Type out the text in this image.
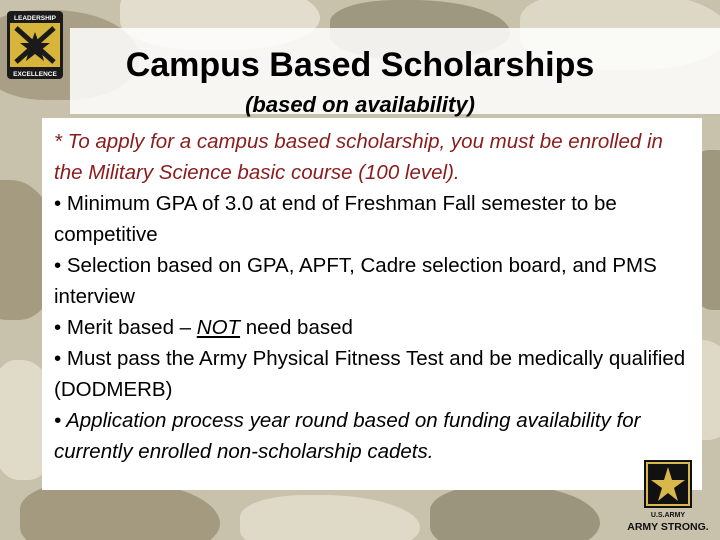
LEADERSHIP
EXCELLENCE	Campus Based Scholarships
(based on availability)

* To apply for a campus based scholarship, you must be enrolled in the Military Science basic course (100 level).

• Minimum GPA of 3.0 at end of Freshman Fall semester to be competitive

• Selection based on GPA, APFT, Cadre selection board, and PMS interview

• Merit based – NOT need based

• Must pass the Army Physical Fitness Test and be medically qualified (DODMERB)

• Application process year round based on funding availability for currently enrolled non-scholarship cadets.

U.S.ARMY
ARMY STRONG.
